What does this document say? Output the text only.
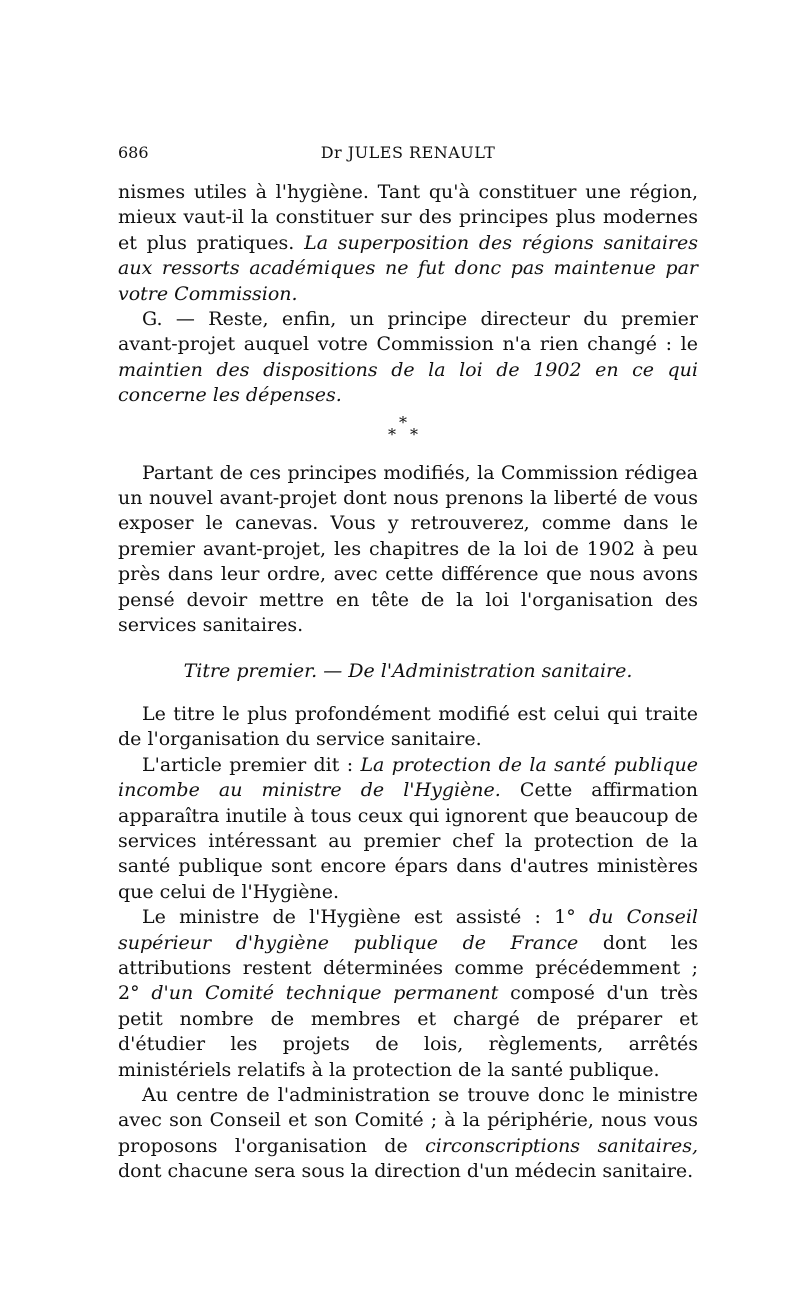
686	Dr JULES RENAULT

nismes utiles à l'hygiène. Tant qu'à constituer une région, mieux vaut-il la constituer sur des principes plus modernes et plus pratiques. La superposition des régions sanitaires aux ressorts académiques ne fut donc pas maintenue par votre Commission.

G. — Reste, enfin, un principe directeur du premier avant-projet auquel votre Commission n'a rien changé : le maintien des dispositions de la loi de 1902 en ce qui concerne les dépenses.

*
* *

Partant de ces principes modifiés, la Commission rédigea un nouvel avant-projet dont nous prenons la liberté de vous exposer le canevas. Vous y retrouverez, comme dans le premier avant-projet, les chapitres de la loi de 1902 à peu près dans leur ordre, avec cette différence que nous avons pensé devoir mettre en tête de la loi l'organisation des services sanitaires.

Titre premier. — De l'Administration sanitaire.

Le titre le plus profondément modifié est celui qui traite de l'organisation du service sanitaire.

L'article premier dit : La protection de la santé publique incombe au ministre de l'Hygiène. Cette affirmation apparaîtra inutile à tous ceux qui ignorent que beaucoup de services intéressant au premier chef la protection de la santé publique sont encore épars dans d'autres ministères que celui de l'Hygiène.

Le ministre de l'Hygiène est assisté : 1° du Conseil supérieur d'hygiène publique de France dont les attributions restent déterminées comme précédemment ; 2° d'un Comité technique permanent composé d'un très petit nombre de membres et chargé de préparer et d'étudier les projets de lois, règlements, arrêtés ministériels relatifs à la protection de la santé publique.

Au centre de l'administration se trouve donc le ministre avec son Conseil et son Comité ; à la périphérie, nous vous proposons l'organisation de circonscriptions sanitaires, dont chacune sera sous la direction d'un médecin sanitaire.
